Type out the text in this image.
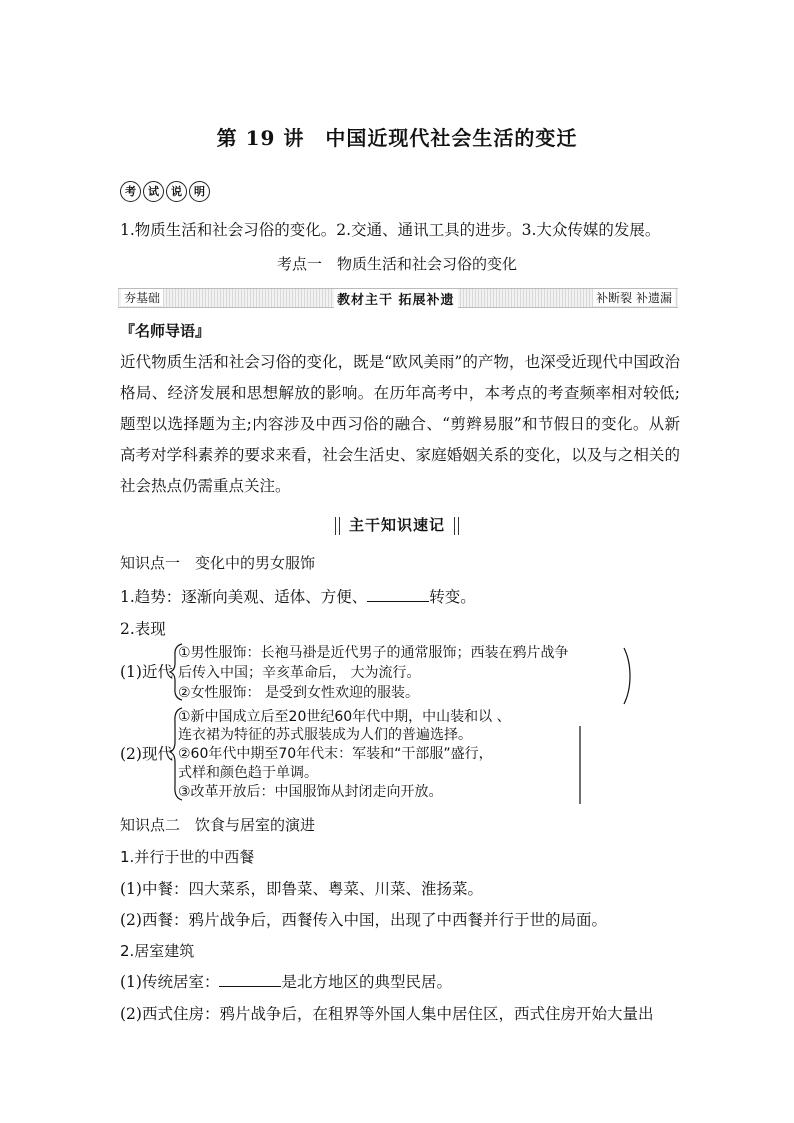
第 19 讲　中国近现代社会生活的变迁
考	试	说	明
1.物质生活和社会习俗的变化。2.交通、通讯工具的进步。3.大众传媒的发展。
考点一　物质生活和社会习俗的变化
夯基础	教材主干 拓展补遗	补断裂 补遗漏
『名师导语』
近代物质生活和社会习俗的变化，既是“欧风美雨”的产物，也深受近现代中国政治格局、经济发展和思想解放的影响。在历年高考中，本考点的考查频率相对较低;题型以选择题为主;内容涉及中西习俗的融合、“剪辫易服”和节假日的变化。从新高考对学科素养的要求来看，社会生活史、家庭婚姻关系的变化，以及与之相关的社会热点仍需重点关注。
主干知识速记
知识点一　变化中的男女服饰
1.趋势：逐渐向美观、适体、方便、	转变。
2.表现
(1)近代
①男性服饰：长袍马褂是近代男子的通常服饰；西装在鸦片战争
后传入中国；辛亥革命后， 大为流行。
②女性服饰： 是受到女性欢迎的服装。
(2)现代
①新中国成立后至20世纪60年代中期，中山装和以 、
连衣裙为特征的苏式服装成为人们的普遍选择。
②60年代中期至70年代末：军装和“干部服”盛行，
式样和颜色趋于单调。
③改革开放后：中国服饰从封闭走向开放。
知识点二　饮食与居室的演进
1.并行于世的中西餐
(1)中餐：四大菜系，即鲁菜、粤菜、川菜、淮扬菜。
(2)西餐：鸦片战争后，西餐传入中国，出现了中西餐并行于世的局面。
2.居室建筑
(1)传统居室：	是北方地区的典型民居。
(2)西式住房：鸦片战争后，在租界等外国人集中居住区，西式住房开始大量出
